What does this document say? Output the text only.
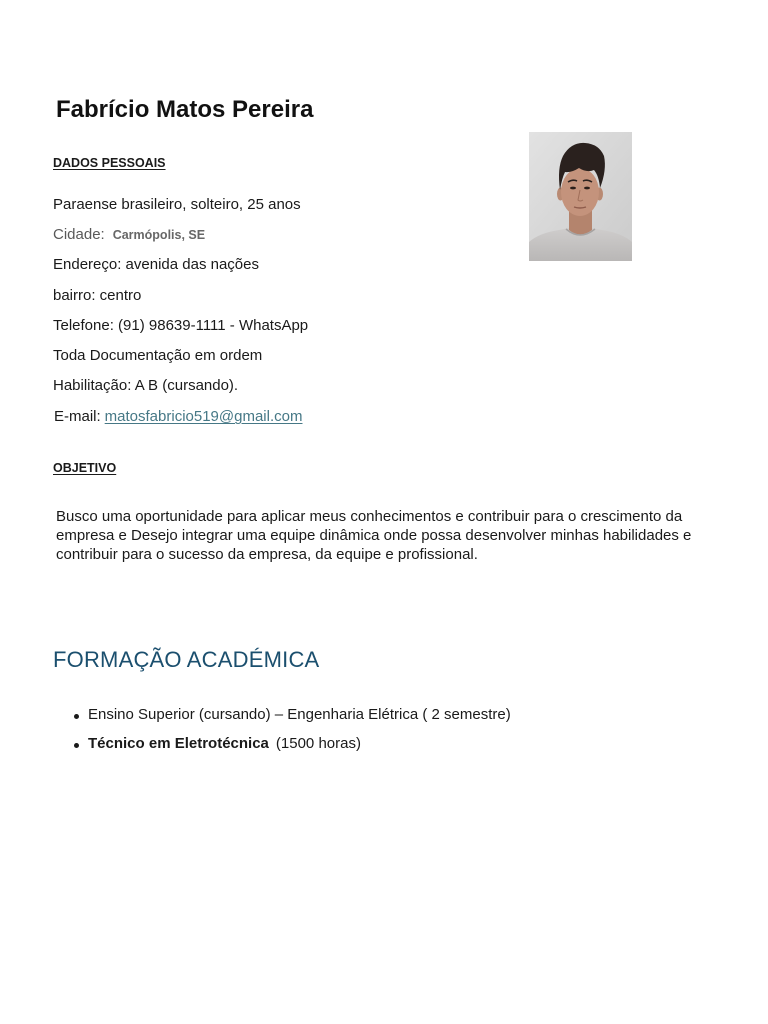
Fabrício Matos Pereira
DADOS PESSOAIS
Paraense brasileiro, solteiro, 25 anos
Cidade: Carmópolis, SE
Endereço: avenida das nações
bairro: centro
Telefone: (91) 98639-1111 - WhatsApp
Toda Documentação em ordem
Habilitação: A B (cursando).
E-mail: matosfabricio519@gmail.com
OBJETIVO
Busco uma oportunidade para aplicar meus conhecimentos e contribuir para o crescimento da
empresa e Desejo integrar uma equipe dinâmica onde possa desenvolver minhas habilidades e
contribuir para o sucesso da empresa, da equipe e profissional.
FORMAÇÃO ACADÉMICA
Ensino Superior (cursando) – Engenharia Elétrica ( 2 semestre)
Técnico em Eletrotécnica (1500 horas)
